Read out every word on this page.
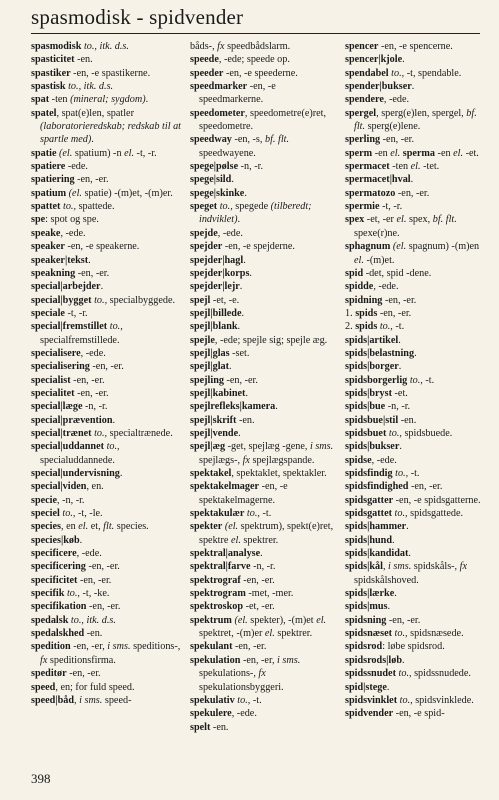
spasmodisk - spidvender

spasmodisk to., itk. d.s.

spasticitet -en.

spastiker -en, -e spastikerne.

spastisk to., itk. d.s.

spat -ten (mineral; sygdom).

spatel, spat(e)len, spatler (laboratorieredskab; redskab til at spartle med).

spatie (el. spatium) -n el. -t, -r.

spatiere -ede.

spatiering -en, -er.

spatium (el. spatie) -(m)et, -(m)er.

spattet to., spattede.

spe: spot og spe.

speake, -ede.

speaker -en, -e speakerne.

speaker|tekst.

speakning -en, -er.

special|arbejder.

special|bygget to., specialbyggede.

speciale -t, -r.

special|fremstillet to., specialfremstillede.

specialisere, -ede.

specialisering -en, -er.

specialist -en, -er.

specialitet -en, -er.

special|læge -n, -r.

special|prævention.

special|trænet to., specialtrænede.

special|uddannet to., specialuddannede.

special|undervisning.

special|viden, en.

specie, -n, -r.

speciel to., -t, -le.

species, en el. et, flt. species.

species|køb.

specificere, -ede.

specificering -en, -er.

specificitet -en, -er.

specifik to., -t, -ke.

specifikation -en, -er.

spedalsk to., itk. d.s.

spedalskhed -en.

spedition -en, -er, i sms. speditions-, fx speditionsfirma.

speditør -en, -er.

speed, en; for fuld speed.

speed|båd, i sms. speed-

båds-, fx speedbådslarm.

speede, -ede; speede op.

speeder -en, -e speederne.

speedmarker -en, -e speedmarkerne.

speedometer, speedometre(e)ret, speedometre.

speedway -en, -s, bf. flt. speedwayene.

spege|pølse -n, -r.

spege|sild.

spege|skinke.

speget to., spegede (tilberedt; indviklet).

spejde, -ede.

spejder -en, -e spejderne.

spejder|hagl.

spejder|korps.

spejder|lejr.

spejl -et, -e.

spejl|billede.

spejl|blank.

spejle, -ede; spejle sig; spejle æg.

spejl|glas -set.

spejl|glat.

spejling -en, -er.

spejl|kabinet.

spejlrefleks|kamera.

spejl|skrift -en.

spejl|vende.

spejl|æg -get, spejlæg -gene, i sms. spejlægs-, fx spejlægspande.

spektakel, spektaklet, spektakler.

spektakelmager -en, -e spektakelmagerne.

spektakulær to., -t.

spekter (el. spektrum), spekt(e)ret, spektre el. spektrer.

spektral|analyse.

spektral|farve -n, -r.

spektrograf -en, -er.

spektrogram -met, -mer.

spektroskop -et, -er.

spektrum (el. spekter), -(m)et el. spektret, -(m)er el. spektrer.

spekulant -en, -er.

spekulation -en, -er, i sms. spekulations-, fx spekulationsbyggeri.

spekulativ to., -t.

spekulere, -ede.

spelt -en.

spencer -en, -e spencerne.

spencer|kjole.

spendabel to., -t, spendable.

spender|bukser.

spendere, -ede.

spergel, sperg(e)len, spergel, bf. flt. sperg(e)lene.

sperling -en, -er.

sperm -en el. sperma -en el. -et.

spermacet -ten el. -tet.

spermacet|hval.

spermatozo -en, -er.

spermie -t, -r.

spex -et, -er el. spex, bf. flt. spexe(r)ne.

sphagnum (el. spagnum) -(m)en el. -(m)et.

spid -det, spid -dene.

spidde, -ede.

spidning -en, -er.

1. spids -en, -er.

2. spids to., -t.

spids|artikel.

spids|belastning.

spids|borger.

spidsborgerlig to., -t.

spids|bryst -et.

spids|bue -n, -r.

spidsbue|stil -en.

spidsbuet to., spidsbuede.

spids|bukser.

spidse, -ede.

spidsfindig to., -t.

spidsfindighed -en, -er.

spidsgatter -en, -e spidsgatterne.

spidsgattet to., spidsgattede.

spids|hammer.

spids|hund.

spids|kandidat.

spids|kål, i sms. spidskåls-, fx spidskålshoved.

spids|lærke.

spids|mus.

spidsning -en, -er.

spidsnæset to., spidsnæsede.

spidsrod: løbe spidsrod.

spidsrods|løb.

spidssnudet to., spidssnudede.

spid|stege.

spidsvinklet to., spidsvinklede.

spidvender -en, -e spid-

398
